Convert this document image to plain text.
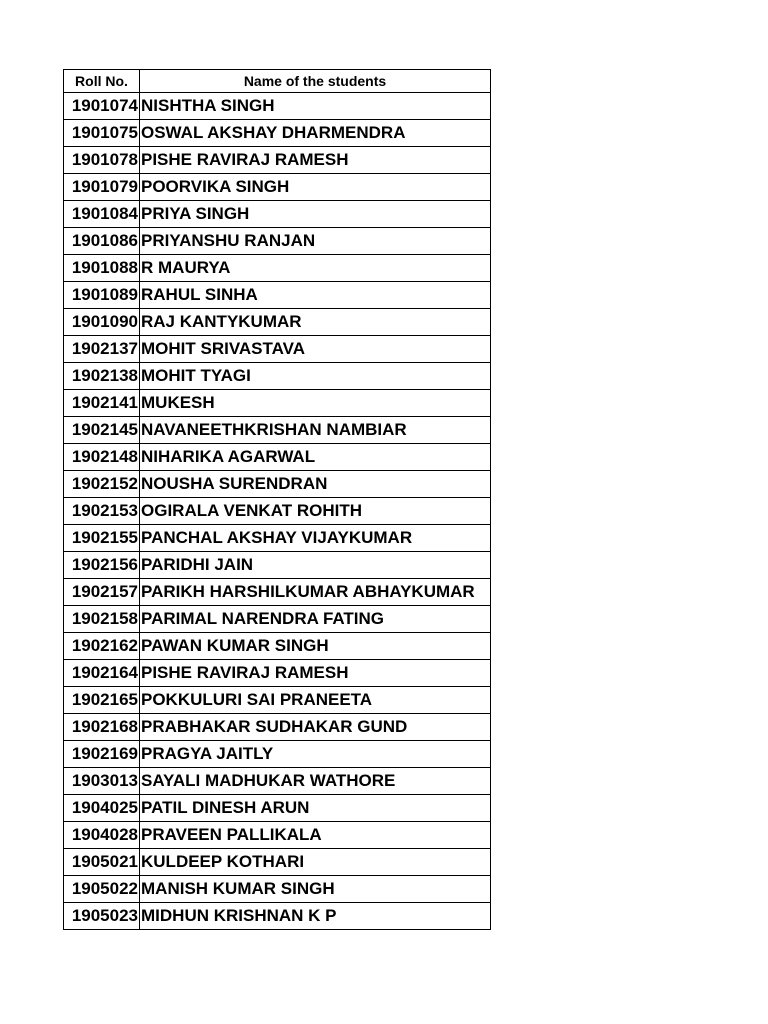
Roll No.	Name of the students
1901074	NISHTHA SINGH
1901075	OSWAL AKSHAY DHARMENDRA
1901078	PISHE RAVIRAJ RAMESH
1901079	POORVIKA SINGH
1901084	PRIYA SINGH
1901086	PRIYANSHU RANJAN
1901088	R MAURYA
1901089	RAHUL SINHA
1901090	RAJ KANTYKUMAR
1902137	MOHIT SRIVASTAVA
1902138	MOHIT TYAGI
1902141	MUKESH
1902145	NAVANEETHKRISHAN NAMBIAR
1902148	NIHARIKA AGARWAL
1902152	NOUSHA SURENDRAN
1902153	OGIRALA VENKAT ROHITH
1902155	PANCHAL AKSHAY VIJAYKUMAR
1902156	PARIDHI JAIN
1902157	PARIKH HARSHILKUMAR ABHAYKUMAR
1902158	PARIMAL NARENDRA FATING
1902162	PAWAN KUMAR SINGH
1902164	PISHE RAVIRAJ RAMESH
1902165	POKKULURI SAI PRANEETA
1902168	PRABHAKAR SUDHAKAR GUND
1902169	PRAGYA JAITLY
1903013	SAYALI MADHUKAR WATHORE
1904025	PATIL DINESH ARUN
1904028	PRAVEEN PALLIKALA
1905021	KULDEEP KOTHARI
1905022	MANISH KUMAR SINGH
1905023	MIDHUN KRISHNAN K P
